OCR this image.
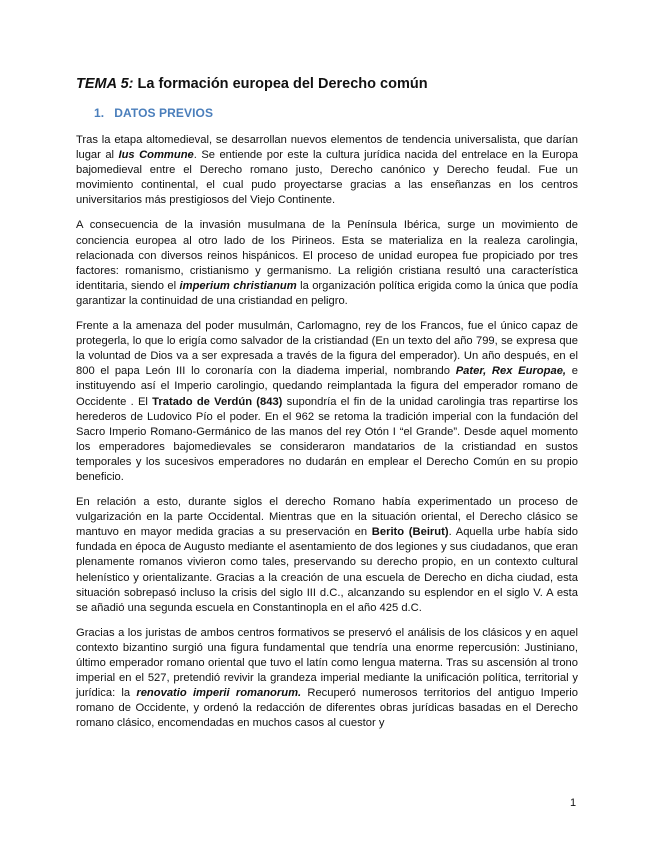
TEMA 5: La formación europea del Derecho común
1. DATOS PREVIOS

Tras la etapa altomedieval, se desarrollan nuevos elementos de tendencia universalista, que darían lugar al Ius Commune. Se entiende por este la cultura jurídica nacida del entrelace en la Europa bajomedieval entre el Derecho romano justo, Derecho canónico y Derecho feudal. Fue un movimiento continental, el cual pudo proyectarse gracias a las enseñanzas en los centros universitarios más prestigiosos del Viejo Continente.

A consecuencia de la invasión musulmana de la Península Ibérica, surge un movimiento de conciencia europea al otro lado de los Pirineos. Esta se materializa en la realeza carolingia, relacionada con diversos reinos hispánicos. El proceso de unidad europea fue propiciado por tres factores: romanismo, cristianismo y germanismo. La religión cristiana resultó una característica identitaria, siendo el imperium christianum la organización política erigida como la única que podía garantizar la continuidad de una cristiandad en peligro.

Frente a la amenaza del poder musulmán, Carlomagno, rey de los Francos, fue el único capaz de protegerla, lo que lo erigía como salvador de la cristiandad (En un texto del año 799, se expresa que la voluntad de Dios va a ser expresada a través de la figura del emperador). Un año después, en el 800 el papa León III lo coronaría con la diadema imperial, nombrando Pater, Rex Europae, e instituyendo así el Imperio carolingio, quedando reimplantada la figura del emperador romano de Occidente . El Tratado de Verdún (843) supondría el fin de la unidad carolingia tras repartirse los herederos de Ludovico Pío el poder. En el 962 se retoma la tradición imperial con la fundación del Sacro Imperio Romano-Germánico de las manos del rey Otón I “el Grande”. Desde aquel momento los emperadores bajomedievales se consideraron mandatarios de la cristiandad en sustos temporales y los sucesivos emperadores no dudarán en emplear el Derecho Común en su propio beneficio.

En relación a esto, durante siglos el derecho Romano había experimentado un proceso de vulgarización en la parte Occidental. Mientras que en la situación oriental, el Derecho clásico se mantuvo en mayor medida gracias a su preservación en Berito (Beirut). Aquella urbe había sido fundada en época de Augusto mediante el asentamiento de dos legiones y sus ciudadanos, que eran plenamente romanos vivieron como tales, preservando su derecho propio, en un contexto cultural helenístico y orientalizante. Gracias a la creación de una escuela de Derecho en dicha ciudad, esta situación sobrepasó incluso la crisis del siglo III d.C., alcanzando su esplendor en el siglo V. A esta se añadió una segunda escuela en Constantinopla en el año 425 d.C.

Gracias a los juristas de ambos centros formativos se preservó el análisis de los clásicos y en aquel contexto bizantino surgió una figura fundamental que tendría una enorme repercusión: Justiniano, último emperador romano oriental que tuvo el latín como lengua materna. Tras su ascensión al trono imperial en el 527, pretendió revivir la grandeza imperial mediante la unificación política, territorial y jurídica: la renovatio imperii romanorum. Recuperó numerosos territorios del antiguo Imperio romano de Occidente, y ordenó la redacción de diferentes obras jurídicas basadas en el Derecho romano clásico, encomendadas en muchos casos al cuestor y

1
